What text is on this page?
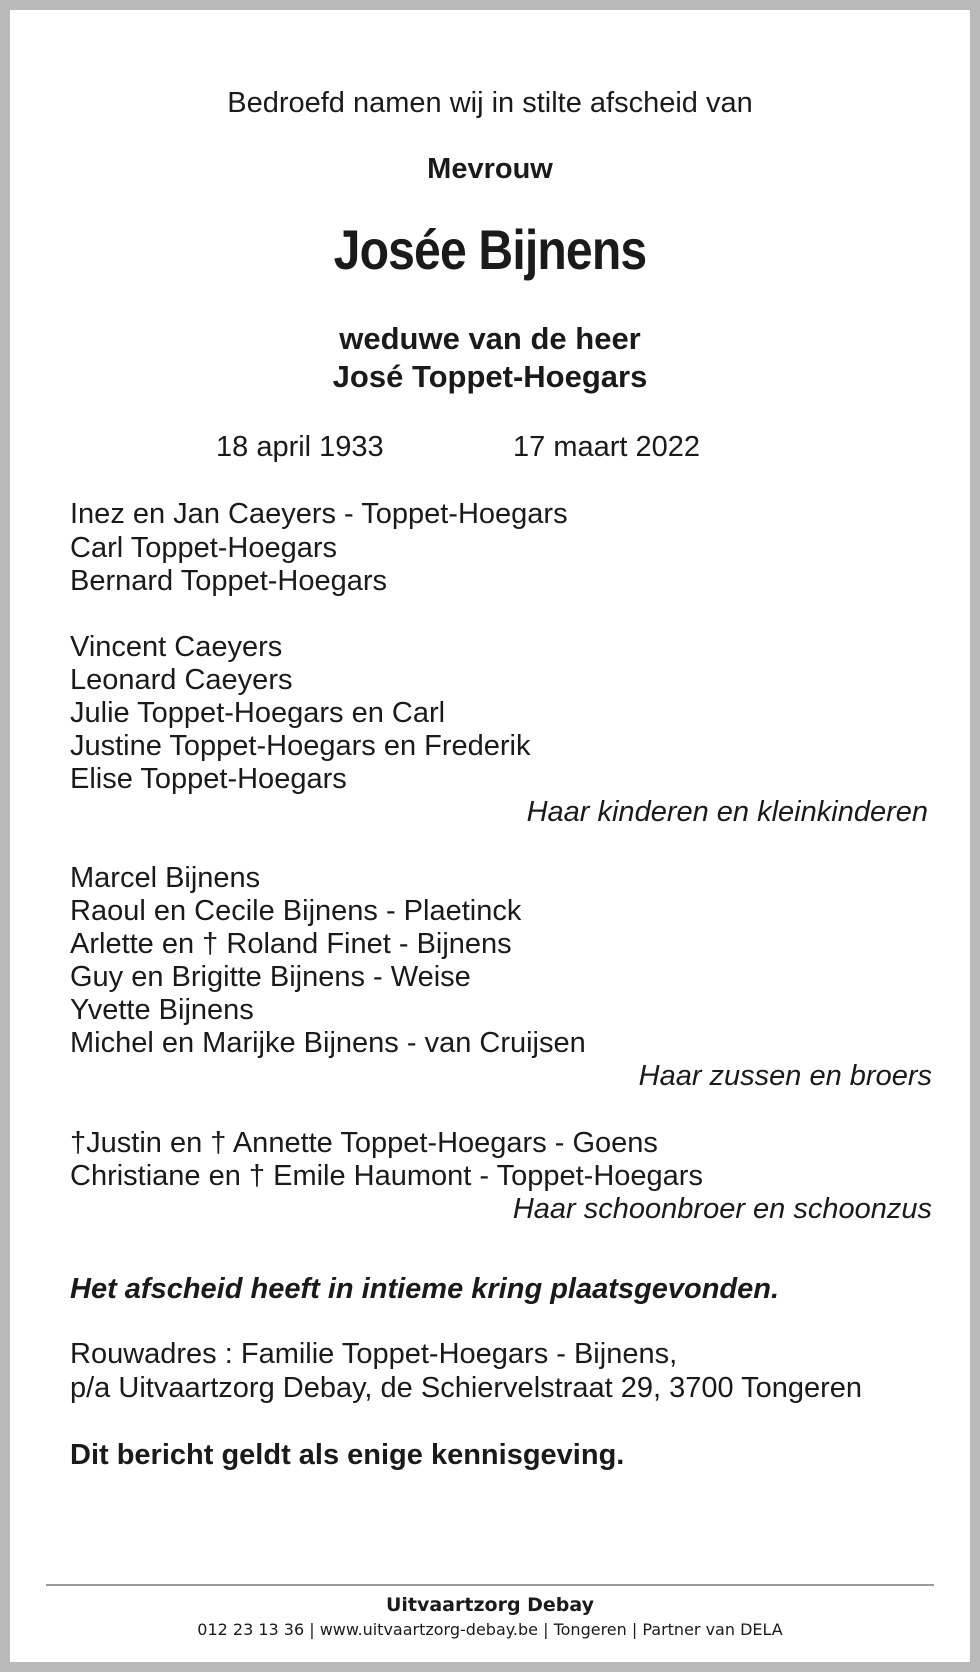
Bedroefd namen wij in stilte afscheid van
Mevrouw
Josée Bijnens
weduwe van de heer
José Toppet-Hoegars
18 april 1933	17 maart 2022
Inez en Jan Caeyers - Toppet-Hoegars
Carl Toppet-Hoegars
Bernard Toppet-Hoegars
Vincent Caeyers
Leonard Caeyers
Julie Toppet-Hoegars en Carl
Justine Toppet-Hoegars en Frederik
Elise Toppet-Hoegars
Haar kinderen en kleinkinderen
Marcel Bijnens
Raoul en Cecile Bijnens - Plaetinck
Arlette en † Roland Finet - Bijnens
Guy en Brigitte Bijnens - Weise
Yvette Bijnens
Michel en Marijke Bijnens - van Cruijsen
Haar zussen en broers
†Justin en † Annette Toppet-Hoegars - Goens
Christiane en † Emile Haumont - Toppet-Hoegars
Haar schoonbroer en schoonzus
Het afscheid heeft in intieme kring plaatsgevonden.
Rouwadres : Familie Toppet-Hoegars - Bijnens,
p/a Uitvaartzorg Debay, de Schiervelstraat 29, 3700 Tongeren
Dit bericht geldt als enige kennisgeving.
Uitvaartzorg Debay
012 23 13 36 | www.uitvaartzorg-debay.be | Tongeren | Partner van DELA
